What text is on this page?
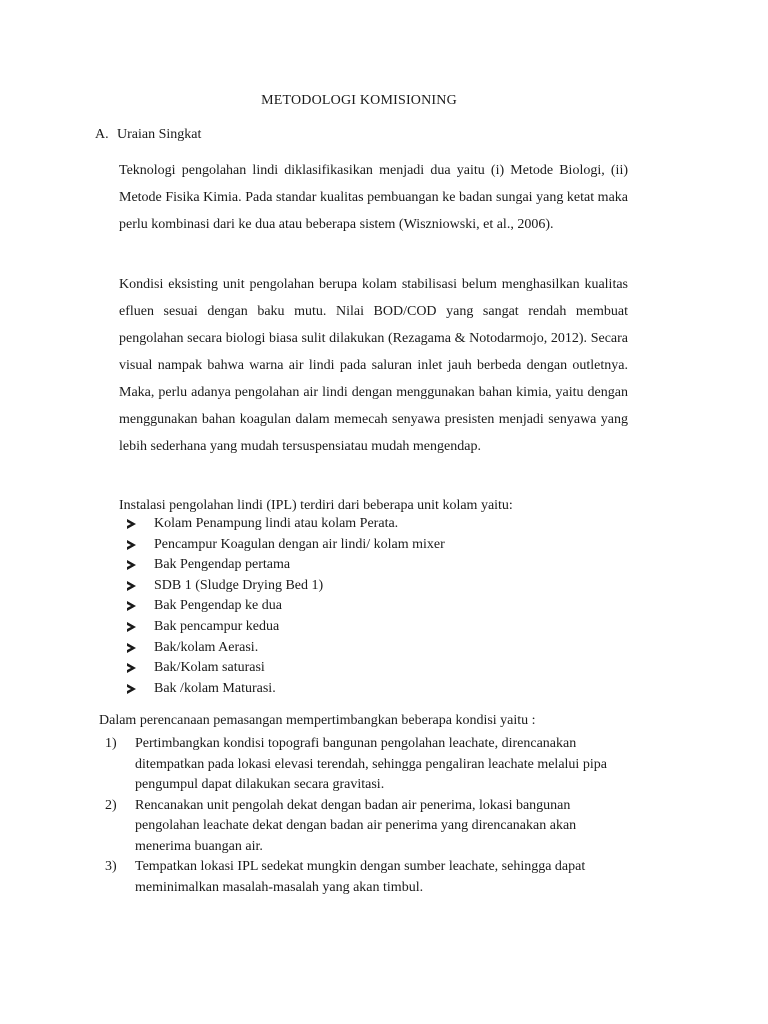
METODOLOGI KOMISIONING
A. Uraian Singkat

Teknologi pengolahan lindi diklasifikasikan menjadi dua yaitu (i) Metode Biologi, (ii) Metode Fisika Kimia. Pada standar kualitas pembuangan ke badan sungai yang ketat maka perlu kombinasi dari ke dua atau beberapa sistem (Wiszniowski, et al., 2006).

Kondisi eksisting unit pengolahan berupa kolam stabilisasi belum menghasilkan kualitas efluen sesuai dengan baku mutu. Nilai BOD/COD yang sangat rendah membuat pengolahan secara biologi biasa sulit dilakukan (Rezagama & Notodarmojo, 2012). Secara visual nampak bahwa warna air lindi pada saluran inlet jauh berbeda dengan outletnya. Maka, perlu adanya pengolahan air lindi dengan menggunakan bahan kimia, yaitu dengan menggunakan bahan koagulan dalam memecah senyawa presisten menjadi senyawa yang lebih sederhana yang mudah tersuspensiatau mudah mengendap.

Instalasi pengolahan lindi (IPL) terdiri dari beberapa unit kolam yaitu:
Kolam Penampung lindi atau kolam Perata.
Pencampur Koagulan dengan air lindi/ kolam mixer
Bak Pengendap pertama
SDB 1 (Sludge Drying Bed 1)
Bak Pengendap ke dua
Bak pencampur kedua
Bak/kolam Aerasi.
Bak/Kolam saturasi
Bak /kolam Maturasi.
Dalam perencanaan pemasangan mempertimbangkan beberapa kondisi yaitu :
1) Pertimbangkan kondisi topografi bangunan pengolahan leachate, direncanakan ditempatkan pada lokasi elevasi terendah, sehingga pengaliran leachate melalui pipa pengumpul dapat dilakukan secara gravitasi.
2) Rencanakan unit pengolah dekat dengan badan air penerima, lokasi bangunan pengolahan leachate dekat dengan badan air penerima yang direncanakan akan menerima buangan air.
3) Tempatkan lokasi IPL sedekat mungkin dengan sumber leachate, sehingga dapat meminimalkan masalah-masalah yang akan timbul.
